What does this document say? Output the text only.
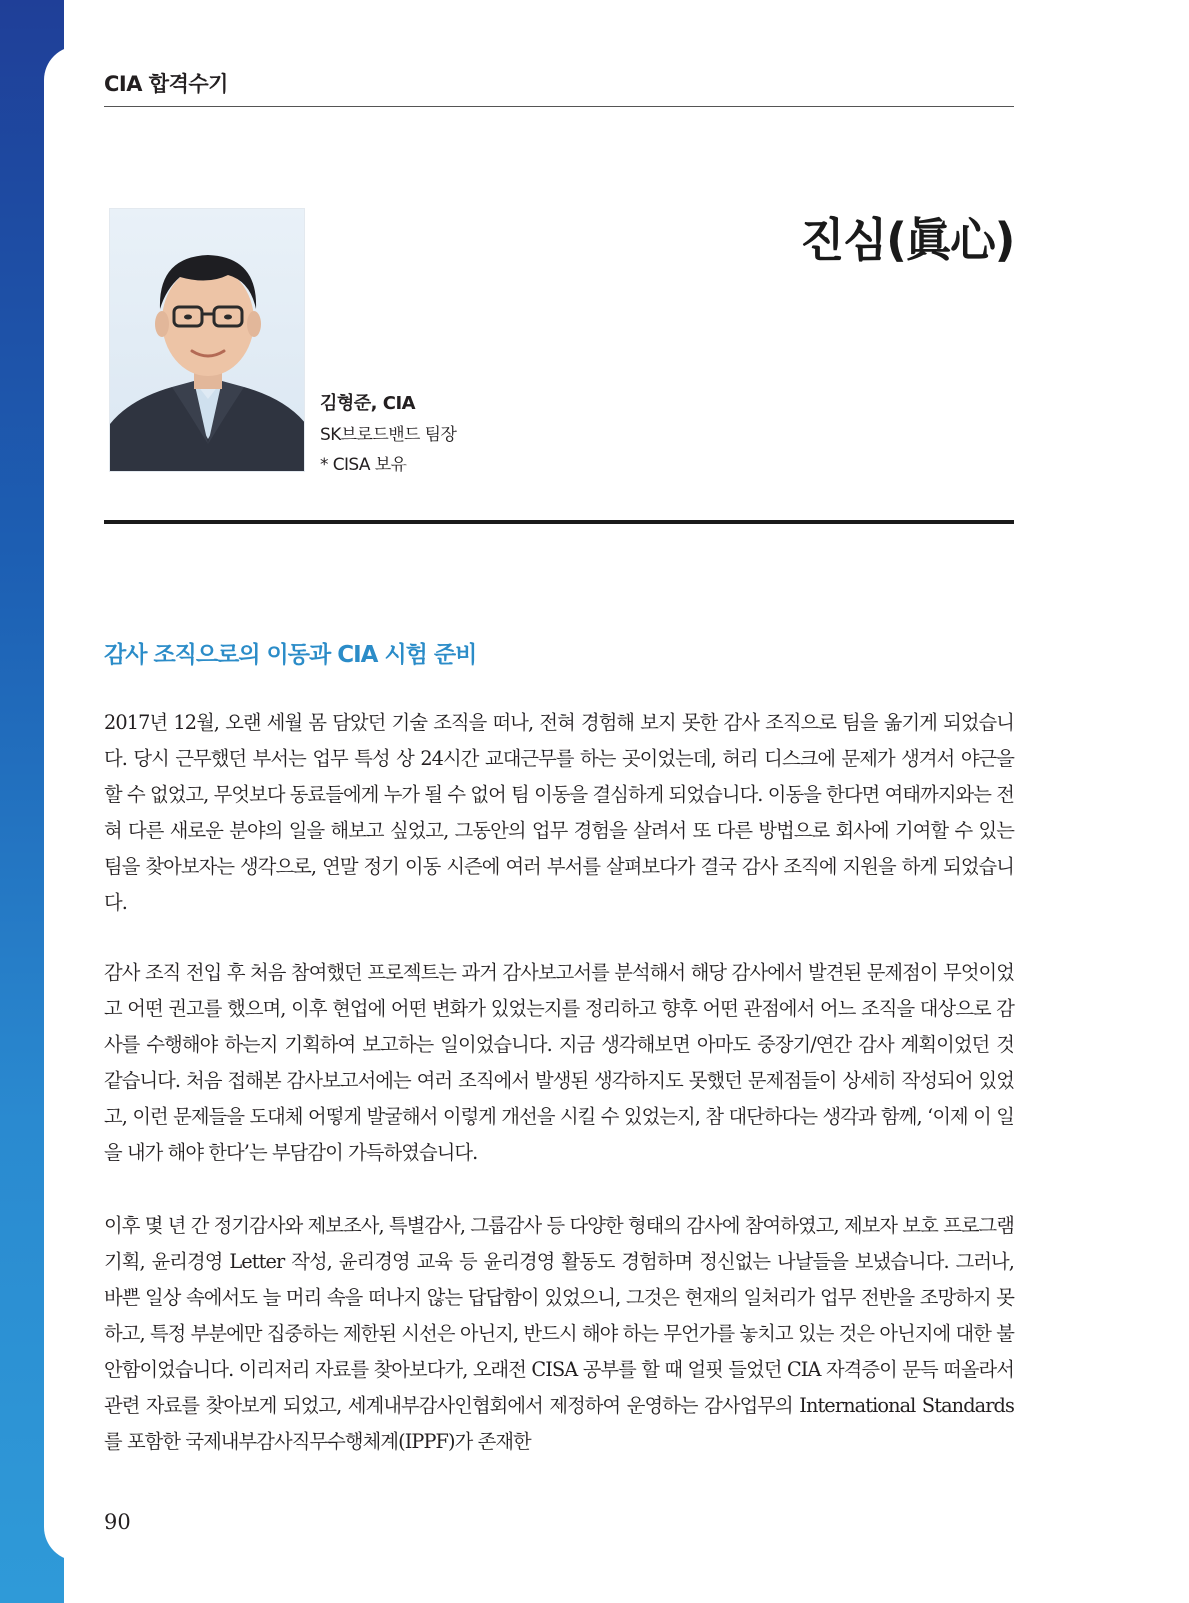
CIA 합격수기
진심(眞心)
김형준, CIA
SK브로드밴드 팀장
* CISA 보유
감사 조직으로의 이동과 CIA 시험 준비

2017년 12월, 오랜 세월 몸 담았던 기술 조직을 떠나, 전혀 경험해 보지 못한 감사 조직으로 팀을 옮기게 되었습니다. 당시 근무했던 부서는 업무 특성 상 24시간 교대근무를 하는 곳이었는데, 허리 디스크에 문제가 생겨서 야근을 할 수 없었고, 무엇보다 동료들에게 누가 될 수 없어 팀 이동을 결심하게 되었습니다. 이동을 한다면 여태까지와는 전혀 다른 새로운 분야의 일을 해보고 싶었고, 그동안의 업무 경험을 살려서 또 다른 방법으로 회사에 기여할 수 있는 팀을 찾아보자는 생각으로, 연말 정기 이동 시즌에 여러 부서를 살펴보다가 결국 감사 조직에 지원을 하게 되었습니다.

감사 조직 전입 후 처음 참여했던 프로젝트는 과거 감사보고서를 분석해서 해당 감사에서 발견된 문제점이 무엇이었고 어떤 권고를 했으며, 이후 현업에 어떤 변화가 있었는지를 정리하고 향후 어떤 관점에서 어느 조직을 대상으로 감사를 수행해야 하는지 기획하여 보고하는 일이었습니다. 지금 생각해보면 아마도 중장기/연간 감사 계획이었던 것 같습니다. 처음 접해본 감사보고서에는 여러 조직에서 발생된 생각하지도 못했던 문제점들이 상세히 작성되어 있었고, 이런 문제들을 도대체 어떻게 발굴해서 이렇게 개선을 시킬 수 있었는지, 참 대단하다는 생각과 함께, ‘이제 이 일을 내가 해야 한다’는 부담감이 가득하였습니다.

이후 몇 년 간 정기감사와 제보조사, 특별감사, 그룹감사 등 다양한 형태의 감사에 참여하였고, 제보자 보호 프로그램 기획, 윤리경영 Letter 작성, 윤리경영 교육 등 윤리경영 활동도 경험하며 정신없는 나날들을 보냈습니다. 그러나, 바쁜 일상 속에서도 늘 머리 속을 떠나지 않는 답답함이 있었으니, 그것은 현재의 일처리가 업무 전반을 조망하지 못하고, 특정 부분에만 집중하는 제한된 시선은 아닌지, 반드시 해야 하는 무언가를 놓치고 있는 것은 아닌지에 대한 불안함이었습니다. 이리저리 자료를 찾아보다가, 오래전 CISA 공부를 할 때 얼핏 들었던 CIA 자격증이 문득 떠올라서 관련 자료를 찾아보게 되었고, 세계내부감사인협회에서 제정하여 운영하는 감사업무의 International Standards를 포함한 국제내부감사직무수행체계(IPPF)가 존재한

90
